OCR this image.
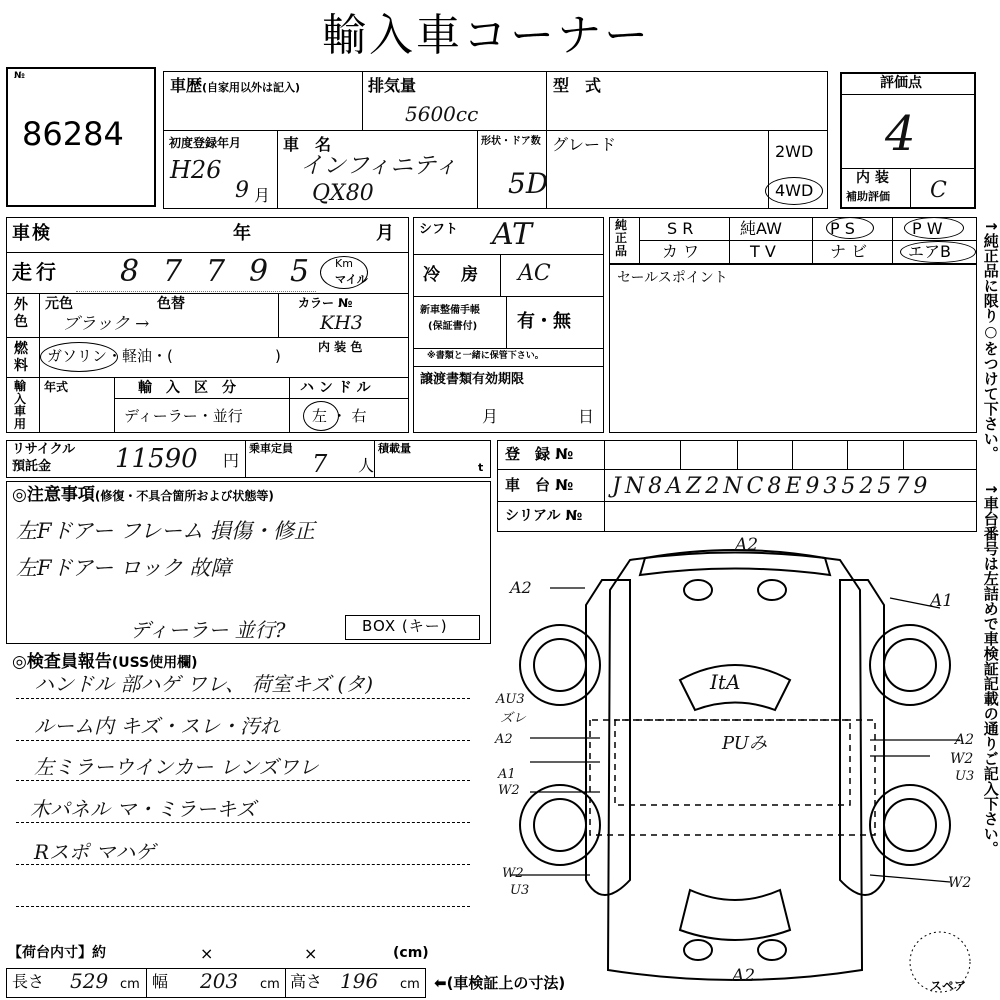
輸入車コーナー
№
86284
車歴(自家用以外は記入)	排気量
5600cc
型　式
初度登録年月
H26
9 月
車　名
インフィニティ
QX80
形状・ドア数
5D
グレード	2WD
4WD
評価点
4
内 装
補助評価 C
車検	年	月
走行 8 7 7 9 5 Km
マイル
外
色
元色	色替
ブラック →
カラー №
KH3
燃
料
ガソリン・軽油・(	)	内 装 色
輸
入
車
用
年式	輸　入　区　分
ディーラー・並行
ハ ン ド ル
左 ・ 右
シフト AT
冷　房 AC
新車整備手帳
(保証書付) 有・無
※書類と一緒に保管下さい。
譲渡書類有効期限
月	日
純
正
品
S R	純AW	P S	P W
カ ワ	T V	ナ ビ	エアB
セールスポイント	↑純正品に限り○をつけて下さい。
↑車台番号は左詰めで車検証記載の通りご記入下さい。
リサイクル
預託金 11590 円
乗車定員
7 人
積載量
t
登　録 №
車　台 № JN8AZ2NC8E9352579
シリアル №
◎注意事項(修復・不具合箇所および状態等)
左Fドアー フレーム 損傷・修正
左Fドアー ロック 故障
ディーラー 並行?	BOX (キー)
◎検査員報告(USS使用欄)
ハンドル 部ハゲ ワレ、 荷室キズ (タ)
ルーム内 キズ・スレ・汚れ
左ミラーウインカー レンズワレ
木パネル マ・ミラーキズ
Rスポ マハゲ
A2
A2
A1
ItA
PUみ
AU3
ズレ
A2
A1
W2
A2
W2
U3
W2
U3	W2
A2	スペア
【荷台内寸】約	×	×	(cm)
長さ 529 cm 幅 203 cm 高さ 196 cm ⬅(車検証上の寸法)
